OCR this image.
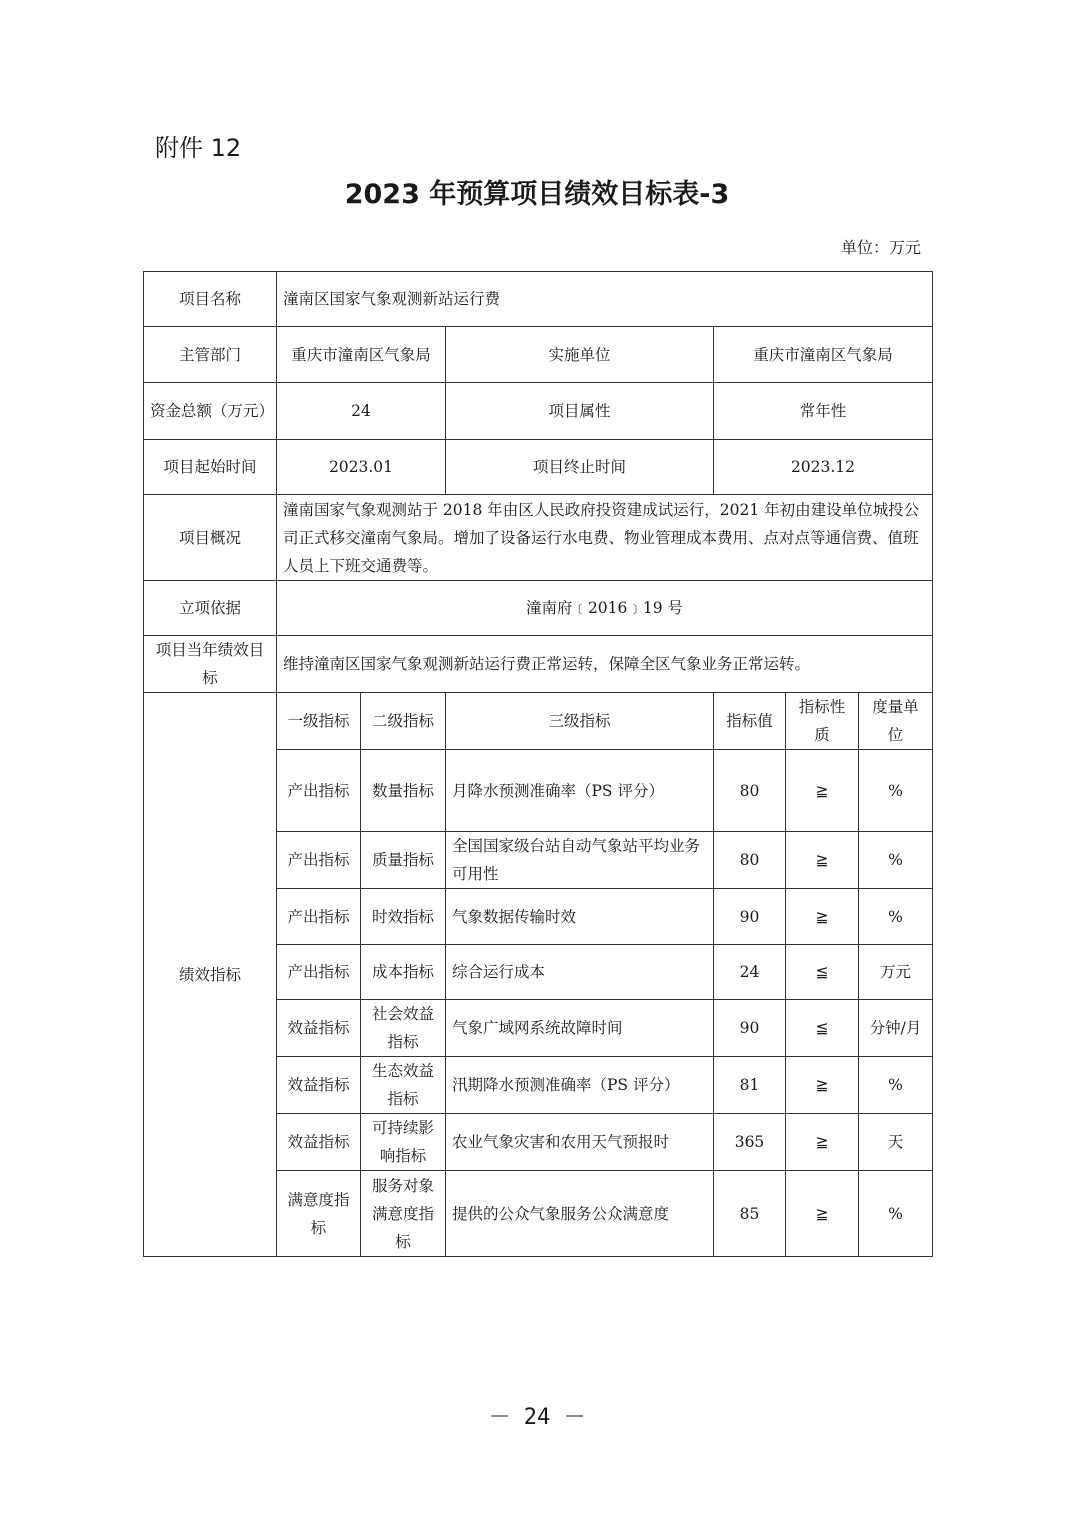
附件 12
2023 年预算项目绩效目标表-3
单位：万元
项目名称	潼南区国家气象观测新站运行费						
主管部门	重庆市潼南区气象局		实施单位	重庆市潼南区气象局			
资金总额（万元）	24		项目属性	常年性			
项目起始时间	2023.01		项目终止时间	2023.12			
项目概况	潼南国家气象观测站于 2018 年由区人民政府投资建成试运行，2021 年初由建设单位城投公司正式移交潼南气象局。增加了设备运行水电费、物业管理成本费用、点对点等通信费、值班人员上下班交通费等。						
立项依据	潼南府﹝2016﹞19 号						
项目当年绩效目标	维持潼南区国家气象观测新站运行费正常运转，保障全区气象业务正常运转。						
绩效指标	一级指标	二级指标	三级指标	指标值	指标性质	度量单位	
	产出指标	数量指标	月降水预测准确率（PS 评分）	80	≧	%	
	产出指标	质量指标	全国国家级台站自动气象站平均业务可用性	80	≧	%	
	产出指标	时效指标	气象数据传输时效	90	≧	%	
	产出指标	成本指标	综合运行成本	24	≦	万元	
	效益指标	社会效益指标	气象广域网系统故障时间	90	≦	分钟/月	
	效益指标	生态效益指标	汛期降水预测准确率（PS 评分）	81	≧	%	
	效益指标	可持续影响指标	农业气象灾害和农用天气预报时	365	≧	天	
	满意度指标	服务对象满意度指标	提供的公众气象服务公众满意度	85	≧	%	
－ 24 －
